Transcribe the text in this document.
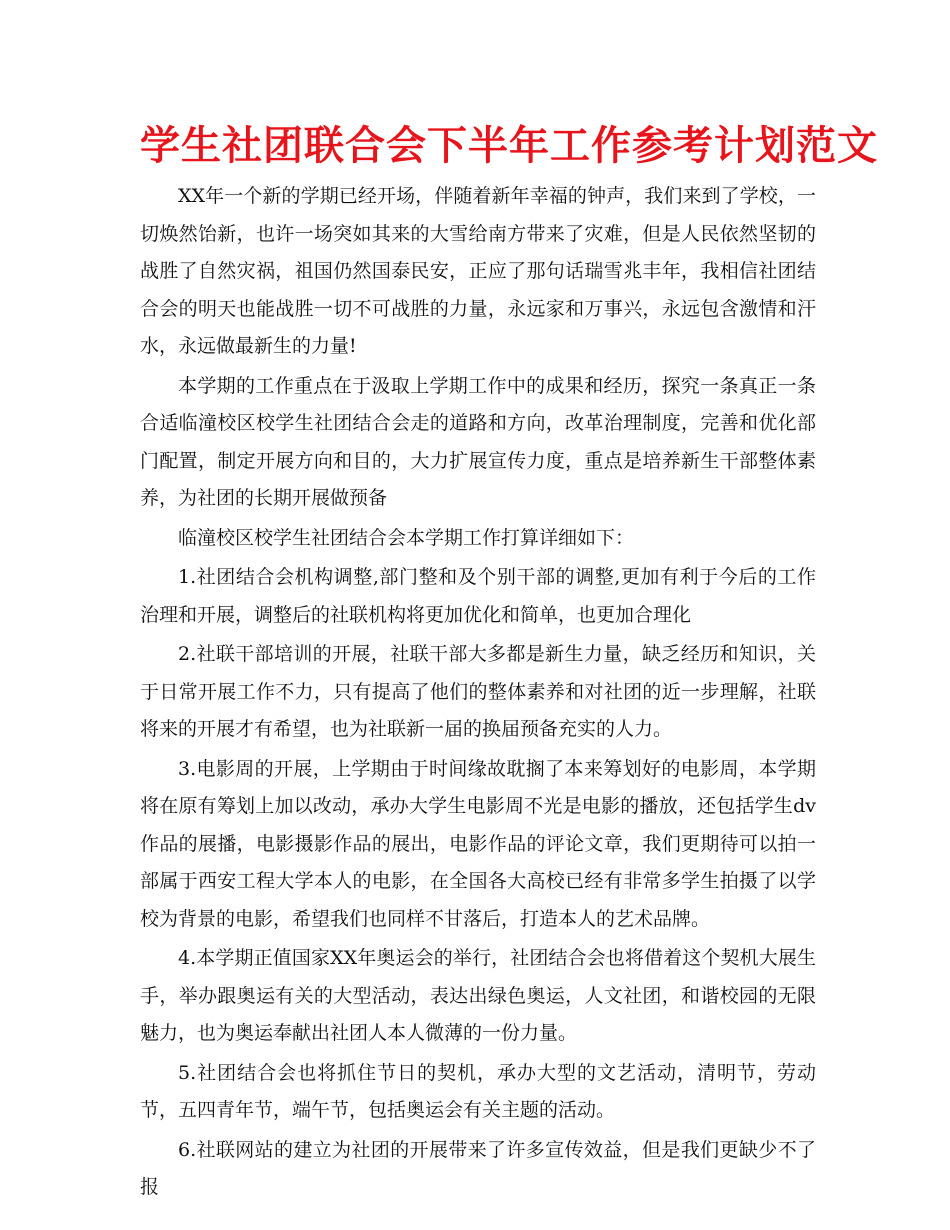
学生社团联合会下半年工作参考计划范文

XX年一个新的学期已经开场，伴随着新年幸福的钟声，我们来到了学校，一切焕然饴新，也许一场突如其来的大雪给南方带来了灾难，但是人民依然坚韧的战胜了自然灾祸，祖国仍然国泰民安，正应了那句话瑞雪兆丰年，我相信社团结合会的明天也能战胜一切不可战胜的力量，永远家和万事兴，永远包含激情和汗水，永远做最新生的力量!

本学期的工作重点在于汲取上学期工作中的成果和经历，探究一条真正一条合适临潼校区校学生社团结合会走的道路和方向，改革治理制度，完善和优化部门配置，制定开展方向和目的，大力扩展宣传力度，重点是培养新生干部整体素养，为社团的长期开展做预备

临潼校区校学生社团结合会本学期工作打算详细如下：

1.社团结合会机构调整,部门整和及个别干部的调整,更加有利于今后的工作治理和开展，调整后的社联机构将更加优化和简单，也更加合理化

2.社联干部培训的开展，社联干部大多都是新生力量，缺乏经历和知识，关于日常开展工作不力，只有提高了他们的整体素养和对社团的近一步理解，社联将来的开展才有希望，也为社联新一届的换届预备充实的人力。

3.电影周的开展，上学期由于时间缘故耽搁了本来筹划好的电影周，本学期将在原有筹划上加以改动，承办大学生电影周不光是电影的播放，还包括学生dv作品的展播，电影摄影作品的展出，电影作品的评论文章，我们更期待可以拍一部属于西安工程大学本人的电影，在全国各大高校已经有非常多学生拍摄了以学校为背景的电影，希望我们也同样不甘落后，打造本人的艺术品牌。

4.本学期正值国家XX年奥运会的举行，社团结合会也将借着这个契机大展生手，举办跟奥运有关的大型活动，表达出绿色奥运，人文社团，和谐校园的无限魅力，也为奥运奉献出社团人本人微薄的一份力量。

5.社团结合会也将抓住节日的契机，承办大型的文艺活动，清明节，劳动节，五四青年节，端午节，包括奥运会有关主题的活动。

6.社联网站的建立为社团的开展带来了许多宣传效益，但是我们更缺少不了报
